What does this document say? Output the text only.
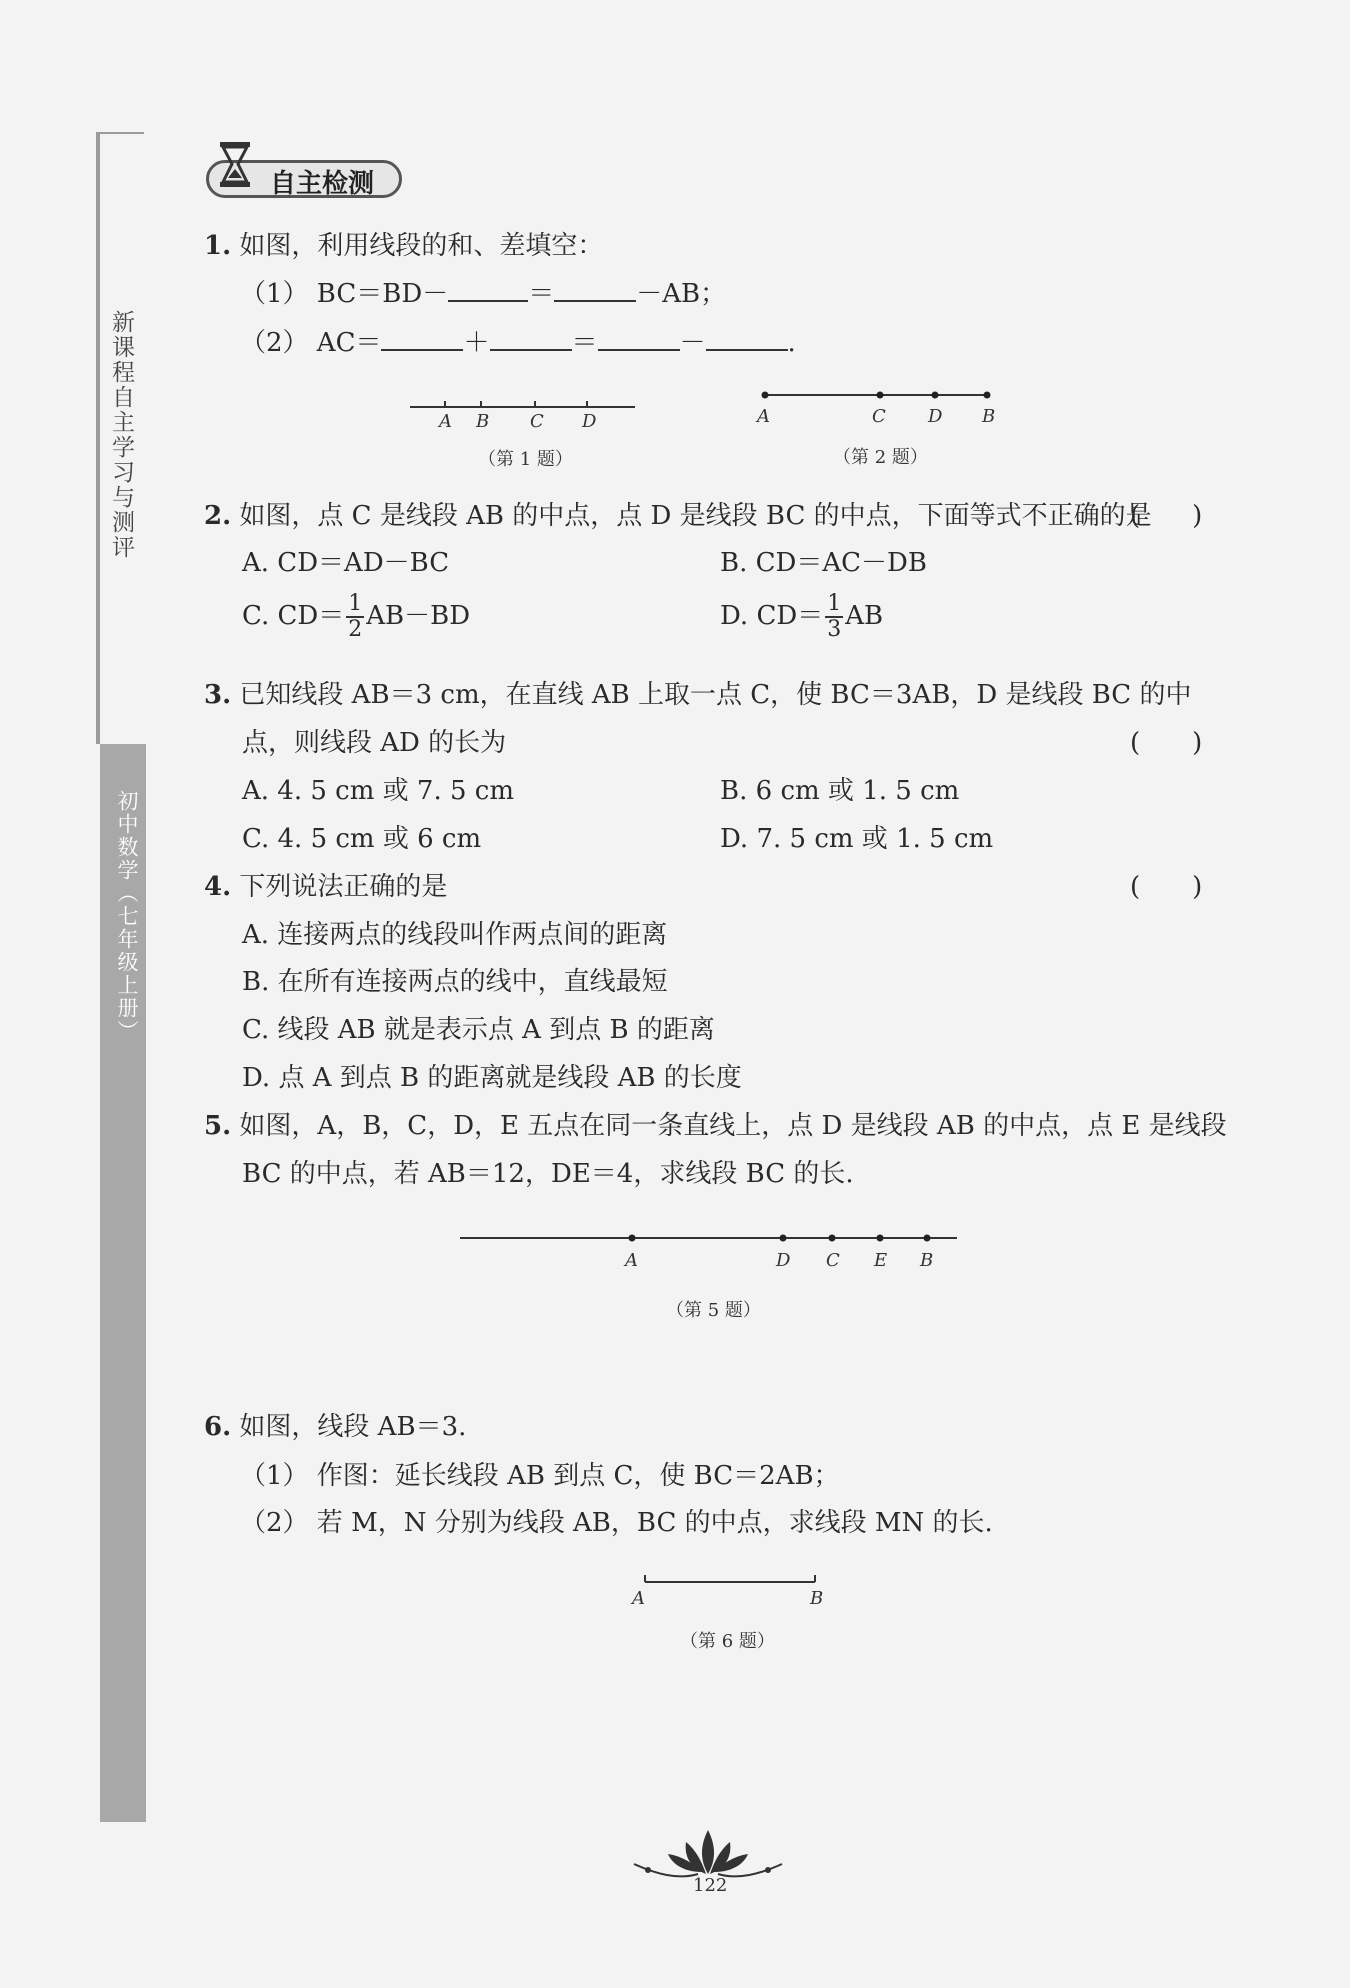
新课程自主学习与测评
初中数学（七年级上册）
自主检测
1. 如图，利用线段的和、差填空：
（1） BC＝BD－	＝	－AB；
（2） AC＝	＋	＝	－	.
A B C D
（第 1 题）
A	C D B
（第 2 题）
2. 如图，点 C 是线段 AB 的中点，点 D 是线段 BC 的中点，下面等式不正确的是
(　　)
A. CD＝AD－BC	B. CD＝AC－DB
C. $CD= \frac{1}{2} AB-BD$	D. $CD= \frac{1}{3}$ AB
3. 已知线段 AB＝3 cm，在直线 AB 上取一点 C，使 BC＝3AB，D 是线段 BC 的中
点，则线段 AD 的长为	(　　)
A. 4. 5 cm 或 7. 5 cm	B. 6 cm 或 1. 5 cm
C. 4. 5 cm 或 6 cm	D. 7. 5 cm 或 1. 5 cm
4. 下列说法正确的是	(　　)
A. 连接两点的线段叫作两点间的距离
B. 在所有连接两点的线中，直线最短
C. 线段 AB 就是表示点 A 到点 B 的距离
D. 点 A 到点 B 的距离就是线段 AB 的长度
5. 如图，A，B，C，D，E 五点在同一条直线上，点 D 是线段 AB 的中点，点 E 是线段
BC 的中点，若 AB＝12，DE＝4，求线段 BC 的长.
A	D C E B
（第 5 题）
6. 如图，线段 AB＝3.
（1） 作图：延长线段 AB 到点 C，使 BC＝2AB；
（2） 若 M，N 分别为线段 AB，BC 的中点，求线段 MN 的长.
A	B
（第 6 题）
122
